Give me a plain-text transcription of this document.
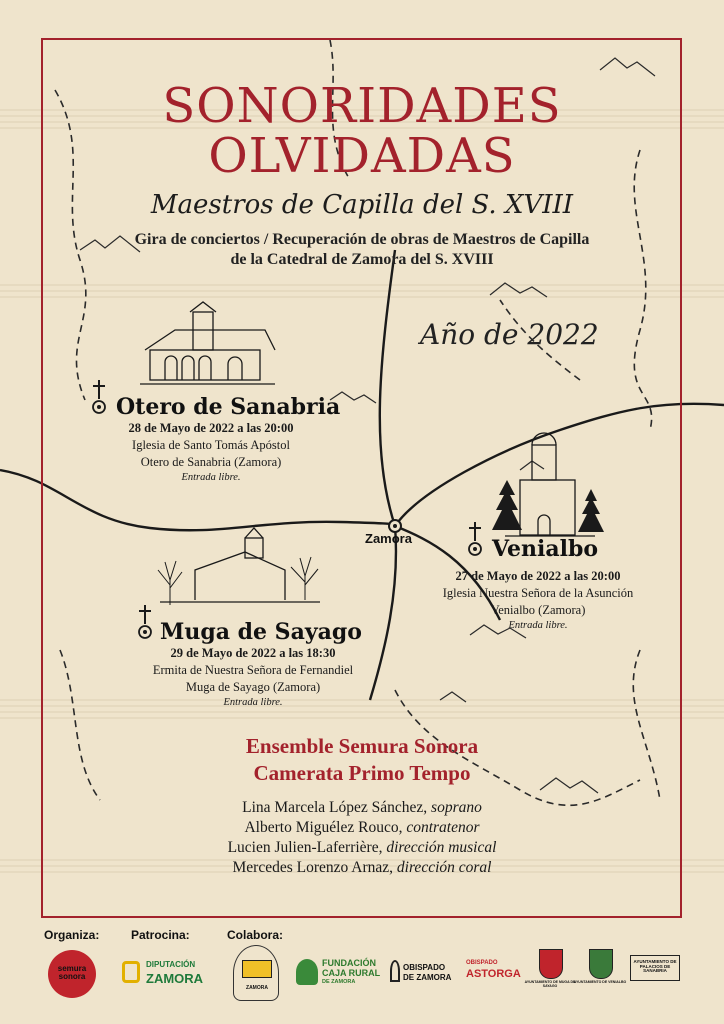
SONORIDADES
OLVIDADAS
Maestros de Capilla del S. XVIII
Gira de conciertos / Recuperación de obras de Maestros de Capilla
de la Catedral de Zamora del S. XVIII
Año de 2022
Zamora
Otero de Sanabria
28 de Mayo de 2022 a las 20:00
Iglesia de Santo Tomás Apóstol
Otero de Sanabria (Zamora)
Entrada libre.
Venialbo
27 de Mayo de 2022 a las 20:00
Iglesia Nuestra Señora de la Asunción
Venialbo (Zamora)
Entrada libre.
Muga de Sayago
29 de Mayo de 2022 a las 18:30
Ermita de Nuestra Señora de Fernandiel
Muga de Sayago (Zamora)
Entrada libre.
Ensemble Semura Sonora
Camerata Primo Tempo
Lina Marcela López Sánchez, soprano
Alberto Miguélez Rouco, contratenor
Lucien Julien-Laferrière, dirección musical
Mercedes Lorenzo Arnaz, dirección coral
Organiza:	Patrocina:	Colabora:
semura sonora
DIPUTACIÓN
ZAMORA
ZAMORA
FUNDACIÓN
CAJA RURAL
DE ZAMORA
OBISPADO
DE ZAMORA
OBISPADO
ASTORGA
AYUNTAMIENTO DE MUGA DE SAYAGO
AYUNTAMIENTO DE VENIALBO
AYUNTAMIENTO DE PALACIOS DE SANABRIA
